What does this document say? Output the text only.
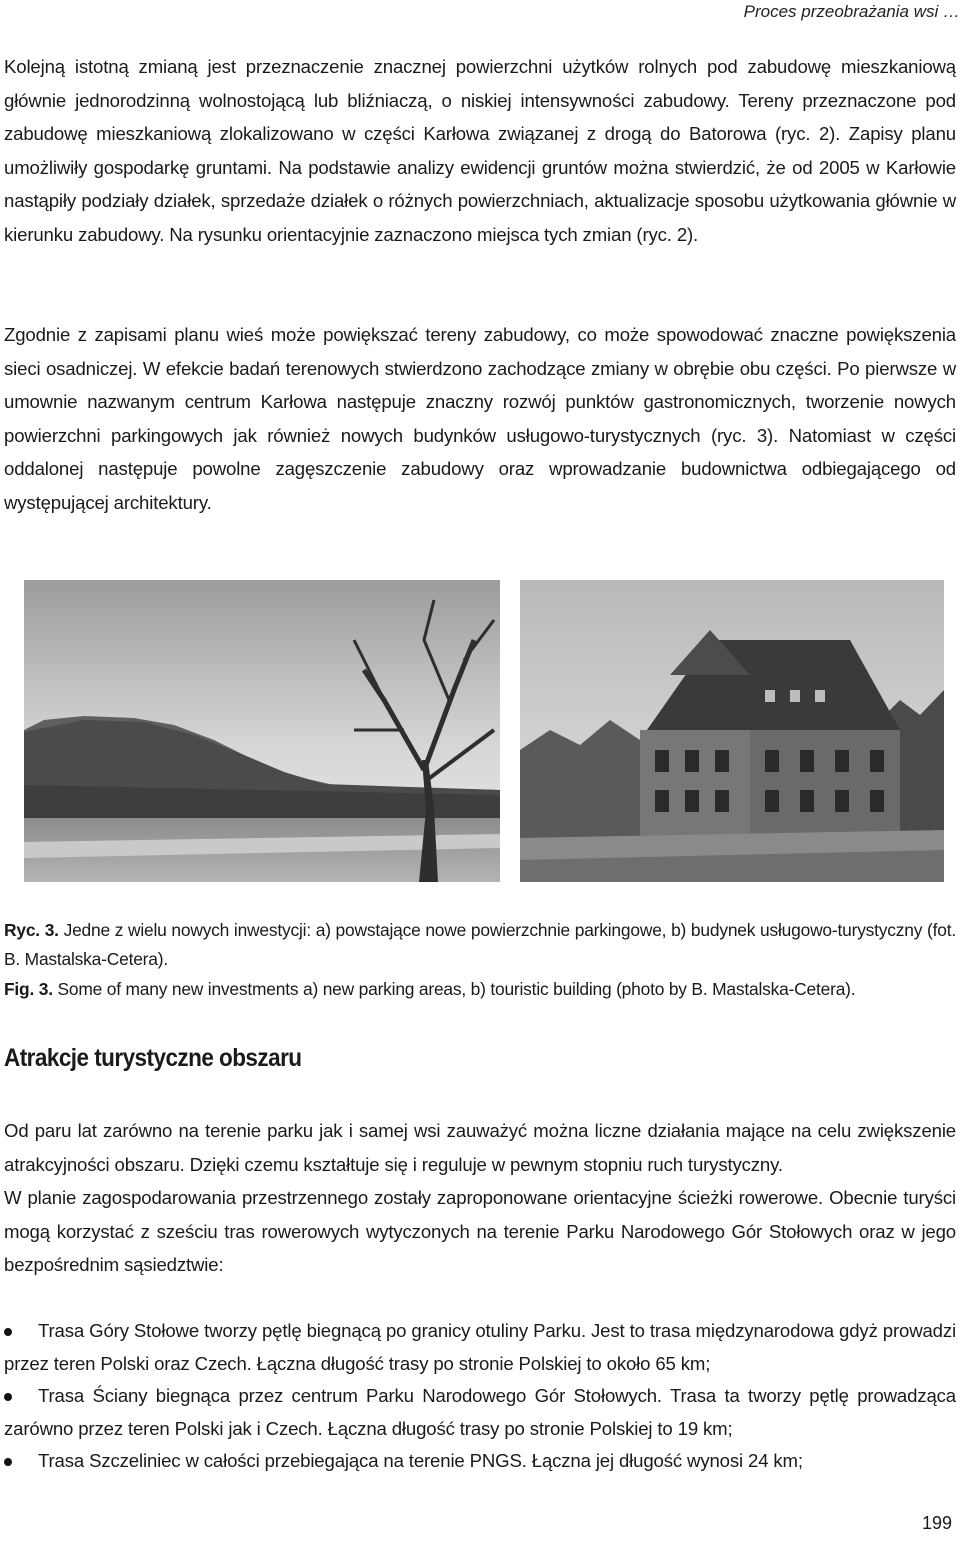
Proces przeobrażania wsi …
Kolejną istotną zmianą jest przeznaczenie znacznej powierzchni użytków rolnych pod zabudowę mieszkaniową głównie jednorodzinną wolnostojącą lub bliźniaczą, o niskiej intensywności zabudowy. Tereny przeznaczone pod zabudowę mieszkaniową zlokalizowano w części Karłowa związanej z drogą do Batorowa (ryc. 2). Zapisy planu umożliwiły gospodarkę gruntami. Na podstawie analizy ewidencji gruntów można stwierdzić, że od 2005 w Karłowie nastąpiły podziały działek, sprzedaże działek o różnych powierzchniach, aktualizacje sposobu użytkowania głównie w kierunku zabudowy. Na rysunku orientacyjnie zaznaczono miejsca tych zmian (ryc. 2).
Zgodnie z zapisami planu wieś może powiększać tereny zabudowy, co może spowodować znaczne powiększenia sieci osadniczej. W efekcie badań terenowych stwierdzono zachodzące zmiany w obrębie obu części. Po pierwsze w umownie nazwanym centrum Karłowa następuje znaczny rozwój punktów gastronomicznych, tworzenie nowych powierzchni parkingowych jak również nowych budynków usługowo-turystycznych (ryc. 3). Natomiast w części oddalonej następuje powolne zagęszczenie zabudowy oraz wprowadzanie budownictwa odbiegającego od występującej architektury.
Ryc. 3. Jedne z wielu nowych inwestycji: a) powstające nowe powierzchnie parkingowe, b) budynek usługowo-turystyczny (fot. B. Mastalska-Cetera).
Fig. 3. Some of many new investments a) new parking areas, b) touristic building (photo by B. Mastalska-Cetera).
Atrakcje turystyczne obszaru
Od paru lat zarówno na terenie parku jak i samej wsi zauważyć można liczne działania mające na celu zwiększenie atrakcyjności obszaru. Dzięki czemu kształtuje się i reguluje w pewnym stopniu ruch turystyczny.
W planie zagospodarowania przestrzennego zostały zaproponowane orientacyjne ścieżki rowerowe. Obecnie turyści mogą korzystać z sześciu tras rowerowych wytyczonych na terenie Parku Narodowego Gór Stołowych oraz w jego bezpośrednim sąsiedztwie:
Trasa Góry Stołowe tworzy pętlę biegnącą po granicy otuliny Parku. Jest to trasa międzynarodowa gdyż prowadzi przez teren Polski oraz Czech. Łączna długość trasy po stronie Polskiej to około 65 km;
Trasa Ściany biegnąca przez centrum Parku Narodowego Gór Stołowych. Trasa ta tworzy pętlę prowadząca zarówno przez teren Polski jak i Czech. Łączna długość trasy po stronie Polskiej to 19 km;
Trasa Szczeliniec w całości przebiegająca na terenie PNGS. Łączna jej długość wynosi 24 km;
199
